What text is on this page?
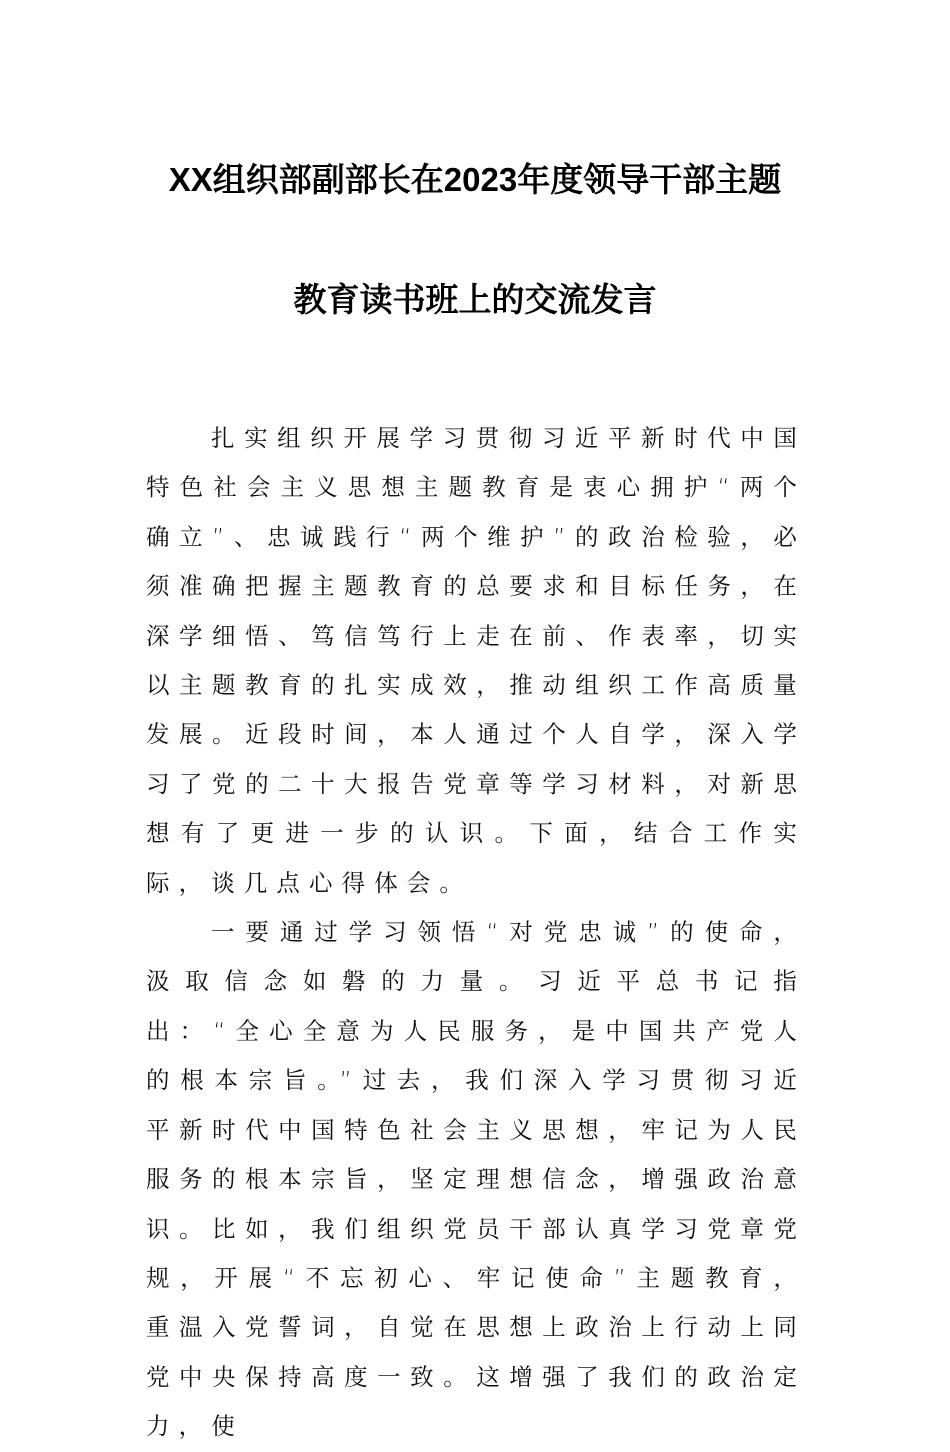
XX组织部副部长在2023年度领导干部主题
教育读书班上的交流发言

扎实组织开展学习贯彻习近平新时代中国特色社会主义思想主题教育是衷心拥护“两个确立”、忠诚践行“两个维护”的政治检验，必须准确把握主题教育的总要求和目标任务，在深学细悟、笃信笃行上走在前、作表率，切实以主题教育的扎实成效，推动组织工作高质量发展。近段时间，本人通过个人自学，深入学习了党的二十大报告党章等学习材料，对新思想有了更进一步的认识。下面，结合工作实际，谈几点心得体会。

一要通过学习领悟“对党忠诚”的使命，汲取信念如磐的力量。习近平总书记指出：“全心全意为人民服务，是中国共产党人的根本宗旨。”过去，我们深入学习贯彻习近平新时代中国特色社会主义思想，牢记为人民服务的根本宗旨，坚定理想信念，增强政治意识。比如，我们组织党员干部认真学习党章党规，开展“不忘初心、牢记使命”主题教育，重温入党誓词，自觉在思想上政治上行动上同党中央保持高度一致。这增强了我们的政治定力，使
